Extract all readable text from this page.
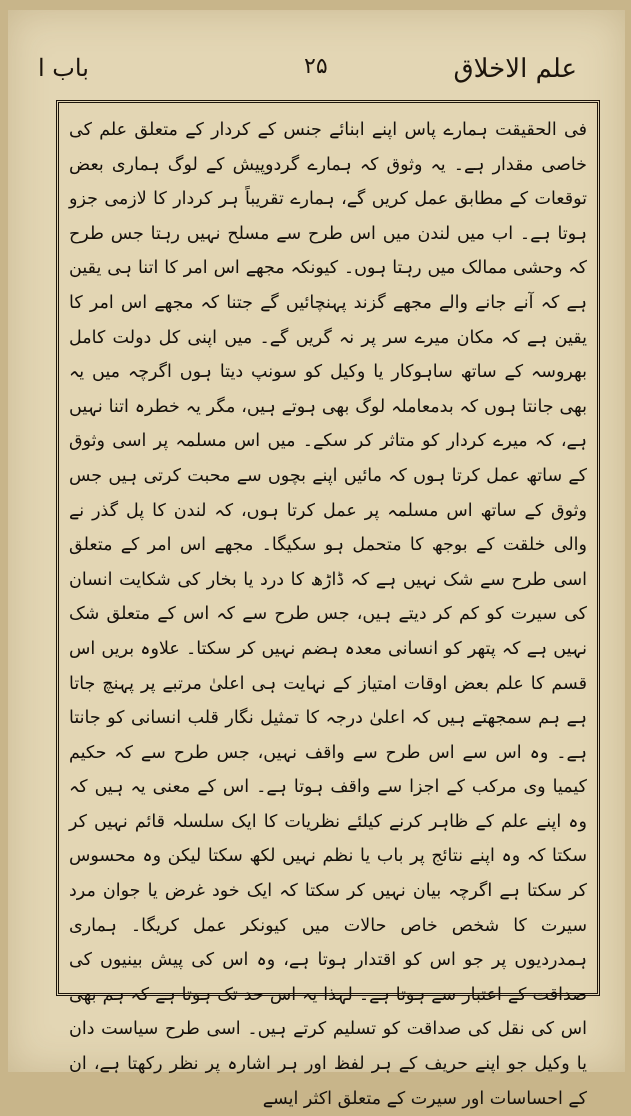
باب ا	۲۵	علم الاخلاق

فی الحقیقت ہمارے پاس اپنے ابنائے جنس کے کردار کے متعلق علم کی خاصی مقدار ہے۔ یہ وثوق کہ ہمارے گردوپیش کے لوگ ہماری بعض توقعات کے مطابق عمل کریں گے، ہمارے تقریباً ہر کردار کا لازمی جزو ہوتا ہے۔ اب میں لندن میں اس طرح سے مسلح نہیں رہتا جس طرح کہ وحشی ممالک میں رہتا ہوں۔ کیونکہ مجھے اس امر کا اتنا ہی یقین ہے کہ آنے جانے والے مجھے گزند پہنچائیں گے جتنا کہ مجھے اس امر کا یقین ہے کہ مکان میرے سر پر نہ گریں گے۔ میں اپنی کل دولت کامل بھروسہ کے ساتھ ساہوکار یا وکیل کو سونپ دیتا ہوں اگرچہ میں یہ بھی جانتا ہوں کہ بدمعاملہ لوگ بھی ہوتے ہیں، مگر یہ خطرہ اتنا نہیں ہے، کہ میرے کردار کو متاثر کر سکے۔ میں اس مسلمہ پر اسی وثوق کے ساتھ عمل کرتا ہوں کہ مائیں اپنے بچوں سے محبت کرتی ہیں جس وثوق کے ساتھ اس مسلمہ پر عمل کرتا ہوں، کہ لندن کا پل گذر نے والی خلقت کے بوجھ کا متحمل ہو سکیگا۔ مجھے اس امر کے متعلق اسی طرح سے شک نہیں ہے کہ ڈاڑھ کا درد یا بخار کی شکایت انسان کی سیرت کو کم کر دیتے ہیں، جس طرح سے کہ اس کے متعلق شک نہیں ہے کہ پتھر کو انسانی معدہ ہضم نہیں کر سکتا۔ علاوہ بریں اس قسم کا علم بعض اوقات امتیاز کے نہایت ہی اعلیٰ مرتبے پر پہنچ جاتا ہے ہم سمجھتے ہیں کہ اعلیٰ درجہ کا تمثیل نگار قلب انسانی کو جانتا ہے۔ وہ اس سے اس طرح سے واقف نہیں، جس طرح سے کہ حکیم کیمیا وی مرکب کے اجزا سے واقف ہوتا ہے۔ اس کے معنی یہ ہیں کہ وہ اپنے علم کے ظاہر کرنے کیلئے نظریات کا ایک سلسلہ قائم نہیں کر سکتا کہ وہ اپنے نتائج پر باب یا نظم نہیں لکھ سکتا لیکن وہ محسوس کر سکتا ہے اگرچہ بیان نہیں کر سکتا کہ ایک خود غرض یا جوان مرد سیرت کا شخص خاص حالات میں کیونکر عمل کریگا۔ ہماری ہمدردیوں پر جو اس کو اقتدار ہوتا ہے، وہ اس کی پیش بینیوں کی صداقت کے اعتبار سے ہوتا ہے۔ لہذا یہ اس حد تک ہوتا ہے کہ ہم بھی اس کی نقل کی صداقت کو تسلیم کرتے ہیں۔ اسی طرح سیاست دان یا وکیل جو اپنے حریف کے ہر لفظ اور ہر اشارہ پر نظر رکھتا ہے، ان کے احساسات اور سیرت کے متعلق اکثر ایسے
